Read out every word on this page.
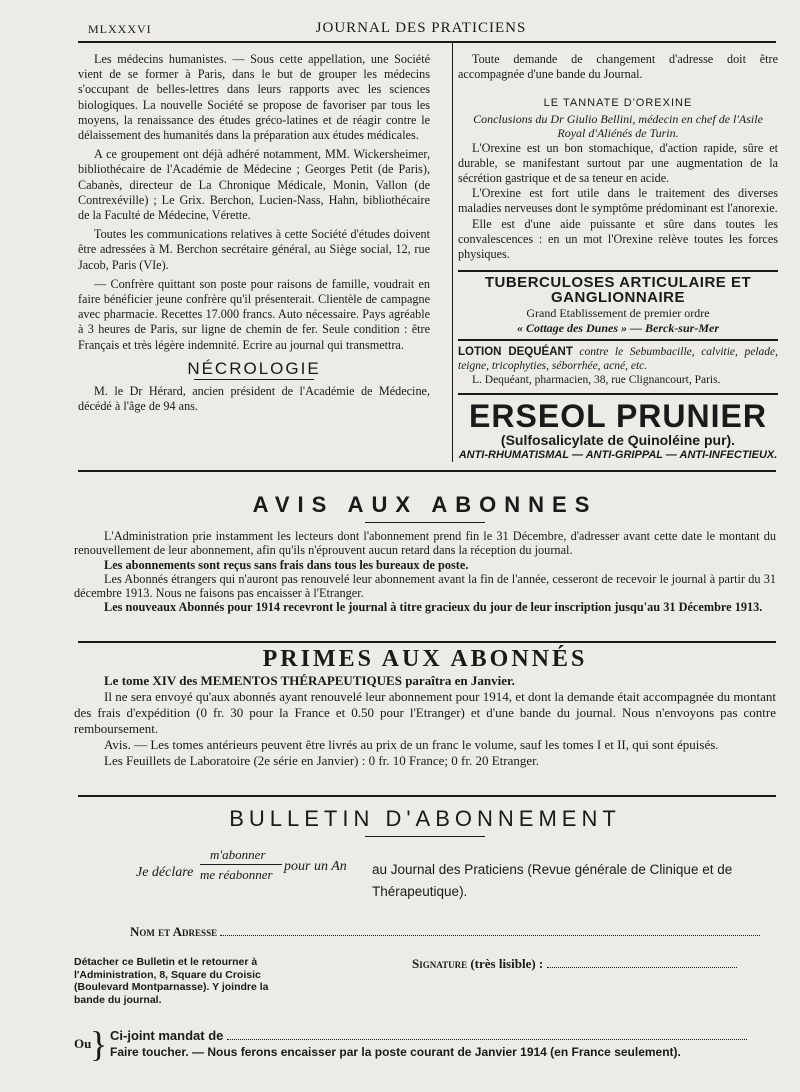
MLXXXVI	JOURNAL DES PRATICIENS

Les médecins humanistes. — Sous cette appellation, une Société vient de se former à Paris, dans le but de grouper les médecins s'occupant de belles-lettres dans leurs rapports avec les sciences biologiques. La nouvelle Société se propose de favoriser par tous les moyens, la renaissance des études gréco-latines et de réagir contre le délaissement des humanités dans la préparation aux études médicales.

A ce groupement ont déjà adhéré notamment, MM. Wickersheimer, bibliothécaire de l'Académie de Médecine ; Georges Petit (de Paris), Cabanès, directeur de La Chronique Médicale, Monin, Vallon (de Contrexéville) ; Le Grix. Berchon, Lucien-Nass, Hahn, bibliothécaire de la Faculté de Médecine, Vérette.

Toutes les communications relatives à cette Société d'études doivent être adressées à M. Berchon secrétaire général, au Siège social, 12, rue Jacob, Paris (VIe).

— Confrère quittant son poste pour raisons de famille, voudrait en faire bénéficier jeune confrère qu'il présenterait. Clientèle de campagne avec pharmacie. Recettes 17.000 francs. Auto nécessaire. Pays agréable à 3 heures de Paris, sur ligne de chemin de fer. Seule condition : être Français et très légère indemnité. Ecrire au journal qui transmettra.

NÉCROLOGIE

M. le Dr Hérard, ancien président de l'Académie de Médecine, décédé à l'âge de 94 ans.

Toute demande de changement d'adresse doit être accompagnée d'une bande du Journal.

LE TANNATE D'OREXINE
Conclusions du Dr Giulio Bellini, médecin en chef de l'Asile Royal d'Aliénés de Turin.

L'Orexine est un bon stomachique, d'action rapide, sûre et durable, se manifestant surtout par une augmentation de la sécrétion gastrique et de sa teneur en acide.

L'Orexine est fort utile dans le traitement des diverses maladies nerveuses dont le symptôme prédominant est l'anorexie.

Elle est d'une aide puissante et sûre dans toutes les convalescences : en un mot l'Orexine relève toutes les forces physiques.

TUBERCULOSES ARTICULAIRE ET GANGLIONNAIRE
Grand Etablissement de premier ordre
« Cottage des Dunes » — Berck-sur-Mer
LOTION DEQUÉANT contre le Sebumbacille, calvitie, pelade, teigne, tricophyties, séborrhée, acné, etc.
L. Dequéant, pharmacien, 38, rue Clignancourt, Paris.
ERSEOL PRUNIER
(Sulfosalicylate de Quinoléine pur).
ANTI-RHUMATISMAL — ANTI-GRIPPAL — ANTI-INFECTIEUX.
AVIS AUX ABONNES

L'Administration prie instamment les lecteurs dont l'abonnement prend fin le 31 Décembre, d'adresser avant cette date le montant du renouvellement de leur abonnement, afin qu'ils n'éprouvent aucun retard dans la réception du journal.

Les abonnements sont reçus sans frais dans tous les bureaux de poste.

Les Abonnés étrangers qui n'auront pas renouvelé leur abonnement avant la fin de l'année, cesseront de recevoir le journal à partir du 31 décembre 1913. Nous ne faisons pas encaisser à l'Etranger.

Les nouveaux Abonnés pour 1914 recevront le journal à titre gracieux du jour de leur inscription jusqu'au 31 Décembre 1913.

PRIMES AUX ABONNÉS

Le tome XIV des MEMENTOS THÉRAPEUTIQUES paraîtra en Janvier.

Il ne sera envoyé qu'aux abonnés ayant renouvelé leur abonnement pour 1914, et dont la demande était accompagnée du montant des frais d'expédition (0 fr. 30 pour la France et 0.50 pour l'Etranger) et d'une bande du journal. Nous n'envoyons pas contre remboursement.

Avis. — Les tomes antérieurs peuvent être livrés au prix de un franc le volume, sauf les tomes I et II, qui sont épuisés.

Les Feuillets de Laboratoire (2e série en Janvier) : 0 fr. 10 France; 0 fr. 20 Etranger.

BULLETIN D'ABONNEMENT
Je déclare
m'abonner
me réabonner
pour un An au Journal des Praticiens (Revue générale de Clinique et de Thérapeutique).
Nom et Adresse
Détacher ce Bulletin et le retourner à l'Administration, 8, Square du Croisic (Boulevard Montparnasse). Y joindre la bande du journal.
Signature (très lisible) :
Ou
} Ci-joint mandat de
Faire toucher. — Nous ferons encaisser par la poste courant de Janvier 1914 (en France seulement).
